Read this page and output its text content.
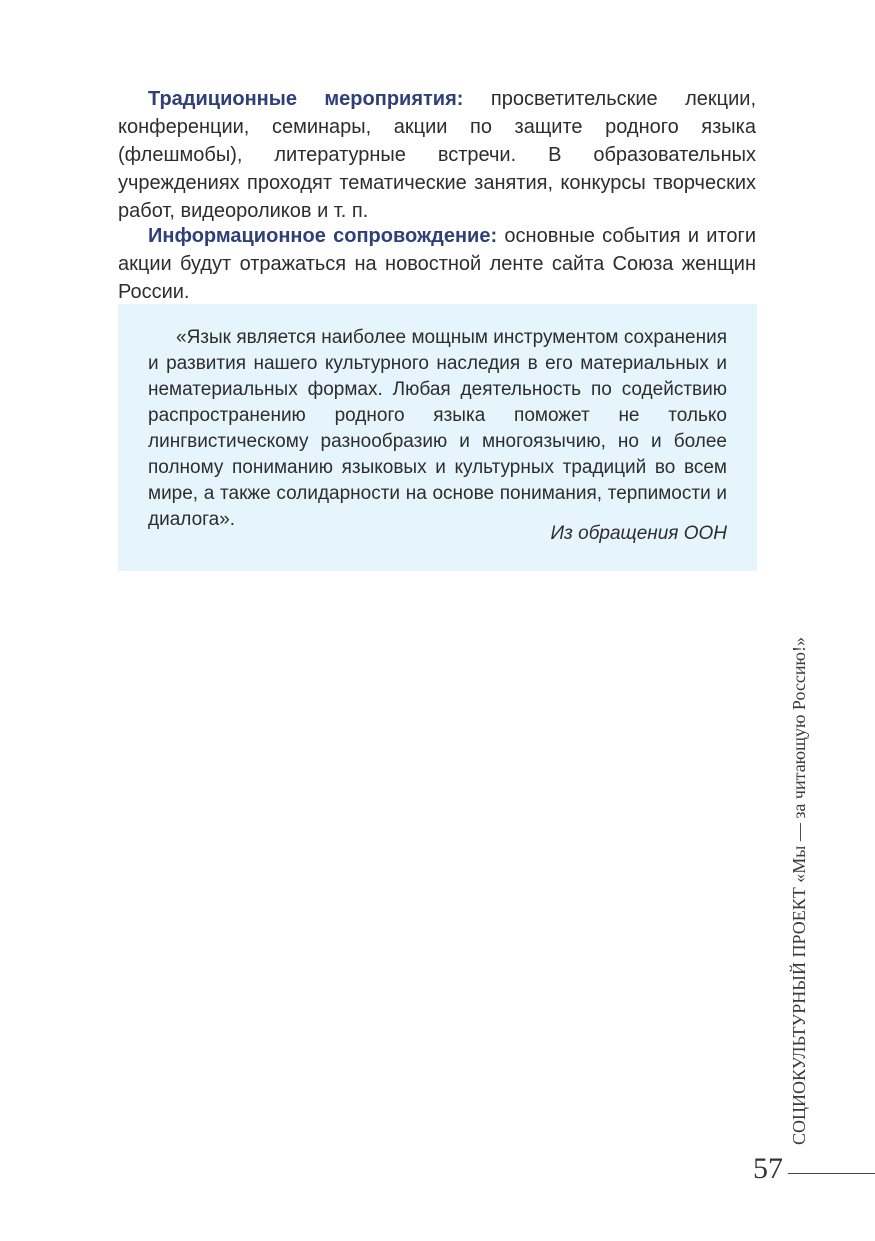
Традиционные мероприятия: просветительские лекции, конференции, семинары, акции по защите родного языка (флешмобы), литературные встречи. В образовательных учреждениях проходят тематические занятия, конкурсы творческих работ, видеороликов и т. п.

Информационное сопровождение: основные события и итоги акции будут отражаться на новостной ленте сайта Союза женщин России.

«Язык является наиболее мощным инструментом сохранения и развития нашего культурного наследия в его материальных и нематериальных формах. Любая деятельность по содействию распространению родного языка поможет не только лингвистическому разнообразию и многоязычию, но и более полному пониманию языковых и культурных традиций во всем мире, а также солидарности на основе понимания, терпимости и диалога».

Из обращения ООН
СОЦИОКУЛЬТУРНЫЙ ПРОЕКТ «Мы — за читающую Россию!»
57
